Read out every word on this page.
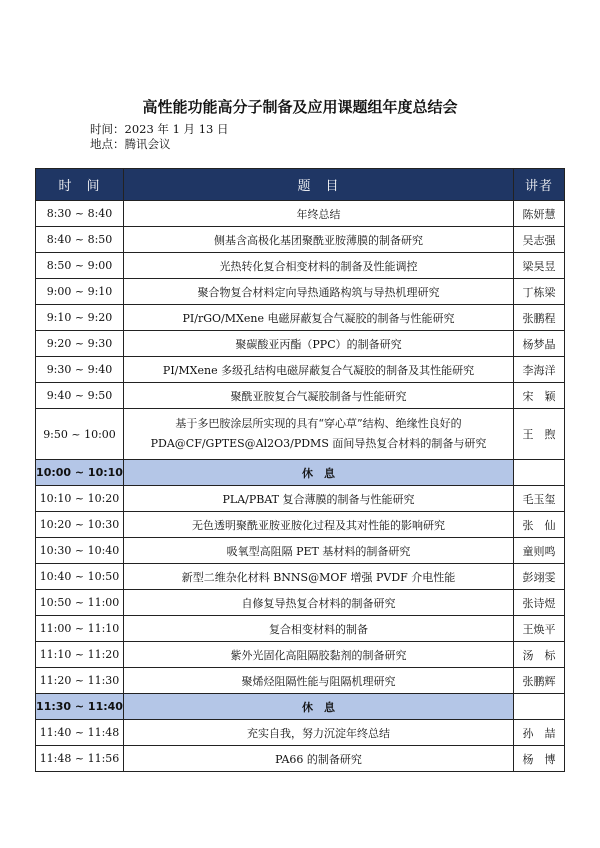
高性能功能高分子制备及应用课题组年度总结会
时间：2023 年 1 月 13 日
地点：腾讯会议
时　间	题　目	讲者
8:30 ~ 8:40	年终总结	陈妍慧
8:40 ~ 8:50	侧基含高极化基团聚酰亚胺薄膜的制备研究	吴志强
8:50 ~ 9:00	光热转化复合相变材料的制备及性能调控	梁昊昱
9:00 ~ 9:10	聚合物复合材料定向导热通路构筑与导热机理研究	丁栋梁
9:10 ~ 9:20	PI/rGO/MXene 电磁屏蔽复合气凝胶的制备与性能研究	张鹏程
9:20 ~ 9:30	聚碳酸亚丙酯（PPC）的制备研究	杨梦晶
9:30 ~ 9:40	PI/MXene 多级孔结构电磁屏蔽复合气凝胶的制备及其性能研究	李海洋
9:40 ~ 9:50	聚酰亚胺复合气凝胶制备与性能研究	宋　颖
9:50 ~ 10:00	基于多巴胺涂层所实现的具有“穿心草”结构、绝缘性良好的
PDA@CF/GPTES@Al2O3/PDMS 面间导热复合材料的制备与研究	王　煦
10:00 ~ 10:10	休　息	
10:10 ~ 10:20	PLA/PBAT 复合薄膜的制备与性能研究	毛玉玺
10:20 ~ 10:30	无色透明聚酰亚胺亚胺化过程及其对性能的影响研究	张　仙
10:30 ~ 10:40	吸氧型高阻隔 PET 基材料的制备研究	童则鸣
10:40 ~ 10:50	新型二维杂化材料 BNNS@MOF 增强 PVDF 介电性能	彭翊雯
10:50 ~ 11:00	自修复导热复合材料的制备研究	张诗煜
11:00 ~ 11:10	复合相变材料的制备	王焕平
11:10 ~ 11:20	紫外光固化高阻隔胶黏剂的制备研究	汤　标
11:20 ~ 11:30	聚烯烃阻隔性能与阻隔机理研究	张鹏辉
11:30 ~ 11:40	休　息	
11:40 ~ 11:48	充实自我，努力沉淀年终总结	孙　喆
11:48 ~ 11:56	PA66 的制备研究	杨　博
